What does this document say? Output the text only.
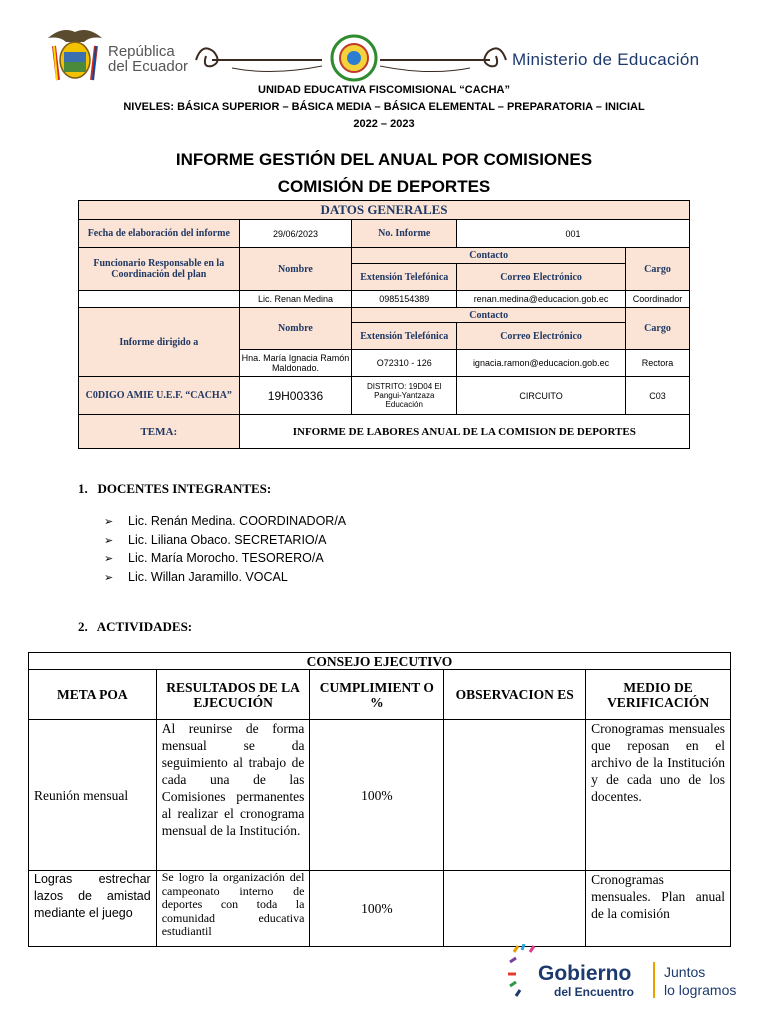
República
del Ecuador	Ministerio de Educación
UNIDAD EDUCATIVA FISCOMISIONAL “CACHA”
NIVELES: BÁSICA SUPERIOR – BÁSICA MEDIA – BÁSICA ELEMENTAL – PREPARATORIA – INICIAL
2022 – 2023
INFORME GESTIÓN DEL ANUAL POR COMISIONES
COMISIÓN DE DEPORTES
DATOS GENERALES				
Fecha de elaboración del informe	29/06/2023	No. Informe	001	
Funcionario Responsable en la Coordinación del plan	Nombre	Contacto		Cargo
		Extensión Telefónica	Correo Electrónico	
	Lic. Renan Medina	0985154389	renan.medina@educacion.gob.ec	Coordinador
Informe dirigido a	Nombre	Contacto		Cargo
		Extensión Telefónica	Correo Electrónico	
	Hna. María Ignacia Ramón Maldonado.	O72310 - 126	ignacia.ramon@educacion.gob.ec	Rectora
C0DIGO AMIE U.E.F. “CACHA”	19H00336	DISTRITO: 19D04 El Pangui-Yantzaza Educación	CIRCUITO	C03
TEMA:	INFORME DE LABORES ANUAL DE LA COMISION DE DEPORTES			
1.   DOCENTES INTEGRANTES:
➢ Lic. Renán Medina. COORDINADOR/A
➢ Lic. Liliana Obaco. SECRETARIO/A
➢ Lic. María Morocho. TESORERO/A
➢ Lic. Willan Jaramillo. VOCAL
2.   ACTIVIDADES:
CONSEJO EJECUTIVO				
META POA	RESULTADOS DE LA EJECUCIÓN	CUMPLIMIENT O %	OBSERVACION ES	MEDIO DE VERIFICACIÓN
Reunión mensual	Al reunirse de forma mensual se da seguimiento al trabajo de cada una de las Comisiones permanentes al realizar el cronograma mensual de la Institución.	100%		Cronogramas mensuales que reposan en el archivo de la Institución y de cada uno de los docentes.
Logras estrechar lazos de amistad mediante el juego	Se logro la organización del campeonato interno de deportes con toda la comunidad educativa estudiantil	100%		Cronogramas mensuales. Plan anual de la comisión
Gobierno
del Encuentro
Juntos
lo logramos
